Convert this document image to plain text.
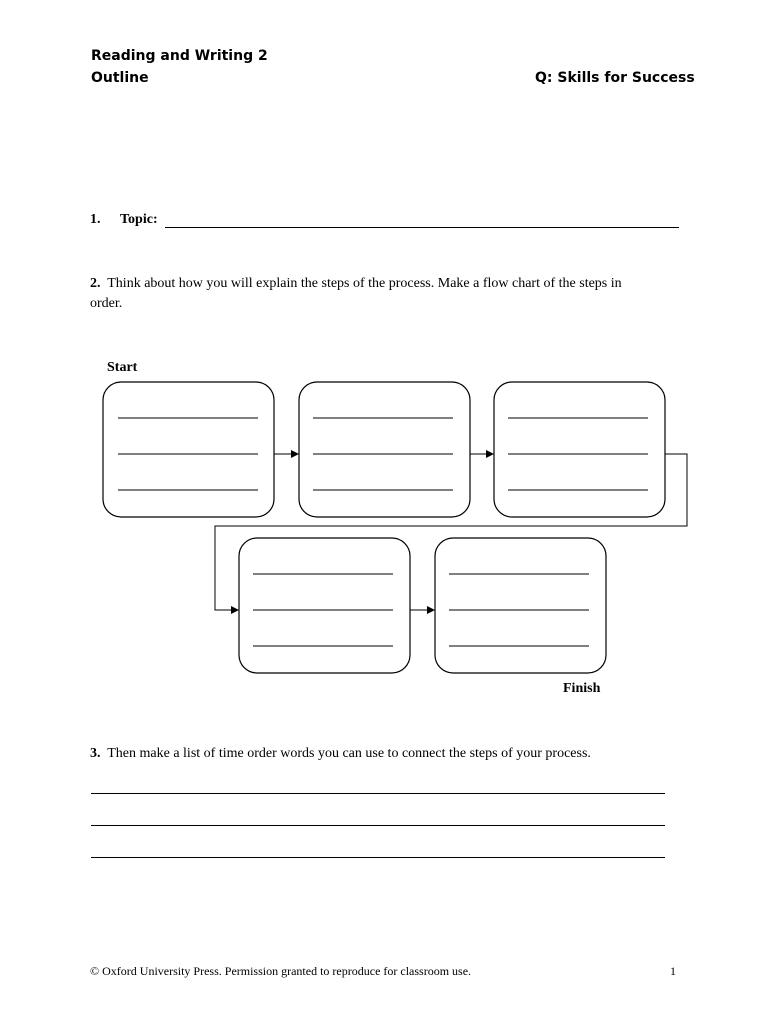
Reading and Writing 2
Outline	Q: Skills for Success
1. Topic:
2. Think about how you will explain the steps of the process. Make a flow chart of the steps in
order.
Start
Finish
3. Then make a list of time order words you can use to connect the steps of your process.
© Oxford University Press. Permission granted to reproduce for classroom use.	1
